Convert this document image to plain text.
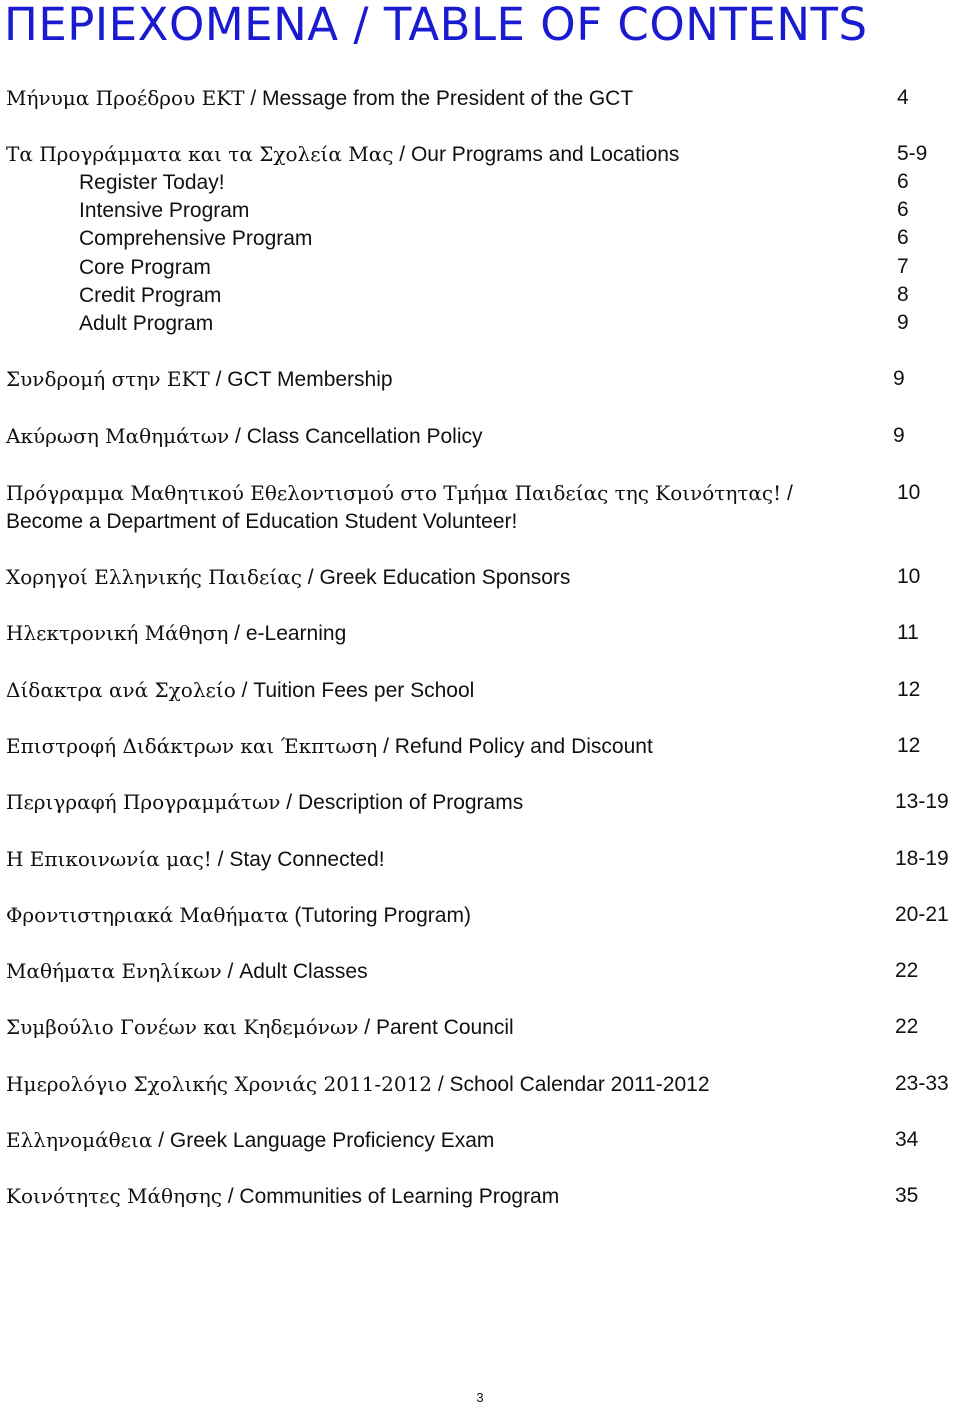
ΠΕΡΙΕΧΟΜΕΝΑ / TABLE OF CONTENTS
Μήνυμα Προέδρου ΕΚΤ / Message from the President of the GCT	4
Τα Προγράμματα και τα Σχολεία Μας / Our Programs and Locations	5-9
Register Today!	6
Intensive Program	6
Comprehensive Program	6
Core Program	7
Credit Program	8
Adult Program	9
Συνδρομή στην ΕΚΤ / GCT Membership	9
Ακύρωση Μαθημάτων / Class Cancellation Policy	9
Πρόγραμμα Μαθητικού Εθελοντισμού στο Τμήμα Παιδείας της Κοινότητας! /	10
Become a Department of Education Student Volunteer!
Χορηγοί Ελληνικής Παιδείας / Greek Education Sponsors	10
Ηλεκτρονική Μάθηση / e-Learning	11
Δίδακτρα ανά Σχολείο / Tuition Fees per School	12
Επιστροφή Διδάκτρων και Έκπτωση / Refund Policy and Discount	12
Περιγραφή Προγραμμάτων / Description of Programs	13-19
Η Επικοινωνία μας! / Stay Connected!	18-19
Φροντιστηριακά Μαθήματα (Tutoring Program)	20-21
Μαθήματα Ενηλίκων / Adult Classes	22
Συμβούλιο Γονέων και Κηδεμόνων / Parent Council	22
Ημερολόγιο Σχολικής Χρονιάς 2011-2012 / School Calendar 2011-2012	23-33
Ελληνομάθεια / Greek Language Proficiency Exam	34
Κοινότητες Μάθησης / Communities of Learning Program	35
3
